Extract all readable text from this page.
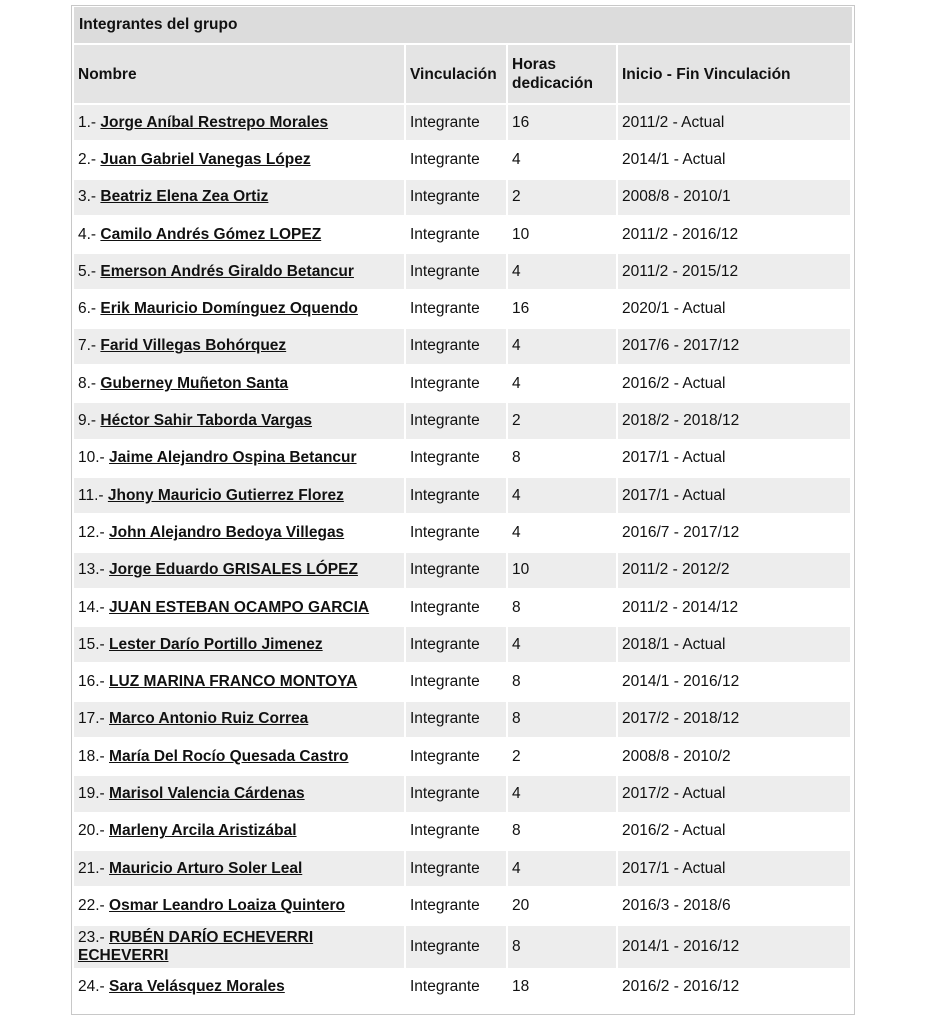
Integrantes del grupo
Nombre	Vinculación	Horas dedicación	Inicio - Fin Vinculación
1.- Jorge Aníbal Restrepo Morales	Integrante	16	2011/2 - Actual
2.- Juan Gabriel Vanegas López	Integrante	4	2014/1 - Actual
3.- Beatriz Elena Zea Ortiz	Integrante	2	2008/8 - 2010/1
4.- Camilo Andrés Gómez LOPEZ	Integrante	10	2011/2 - 2016/12
5.- Emerson Andrés Giraldo Betancur	Integrante	4	2011/2 - 2015/12
6.- Erik Mauricio Domínguez Oquendo	Integrante	16	2020/1 - Actual
7.- Farid Villegas Bohórquez	Integrante	4	2017/6 - 2017/12
8.- Guberney Muñeton Santa	Integrante	4	2016/2 - Actual
9.- Héctor Sahir Taborda Vargas	Integrante	2	2018/2 - 2018/12
10.- Jaime Alejandro Ospina Betancur	Integrante	8	2017/1 - Actual
11.- Jhony Mauricio Gutierrez Florez	Integrante	4	2017/1 - Actual
12.- John Alejandro Bedoya Villegas	Integrante	4	2016/7 - 2017/12
13.- Jorge Eduardo GRISALES LÓPEZ	Integrante	10	2011/2 - 2012/2
14.- JUAN ESTEBAN OCAMPO GARCIA	Integrante	8	2011/2 - 2014/12
15.- Lester Darío Portillo Jimenez	Integrante	4	2018/1 - Actual
16.- LUZ MARINA FRANCO MONTOYA	Integrante	8	2014/1 - 2016/12
17.- Marco Antonio Ruiz Correa	Integrante	8	2017/2 - 2018/12
18.- María Del Rocío Quesada Castro	Integrante	2	2008/8 - 2010/2
19.- Marisol Valencia Cárdenas	Integrante	4	2017/2 - Actual
20.- Marleny Arcila Aristizábal	Integrante	8	2016/2 - Actual
21.- Mauricio Arturo Soler Leal	Integrante	4	2017/1 - Actual
22.- Osmar Leandro Loaiza Quintero	Integrante	20	2016/3 - 2018/6
23.- RUBÉN DARÍO ECHEVERRI ECHEVERRI	Integrante	8	2014/1 - 2016/12
24.- Sara Velásquez Morales	Integrante	18	2016/2 - 2016/12
